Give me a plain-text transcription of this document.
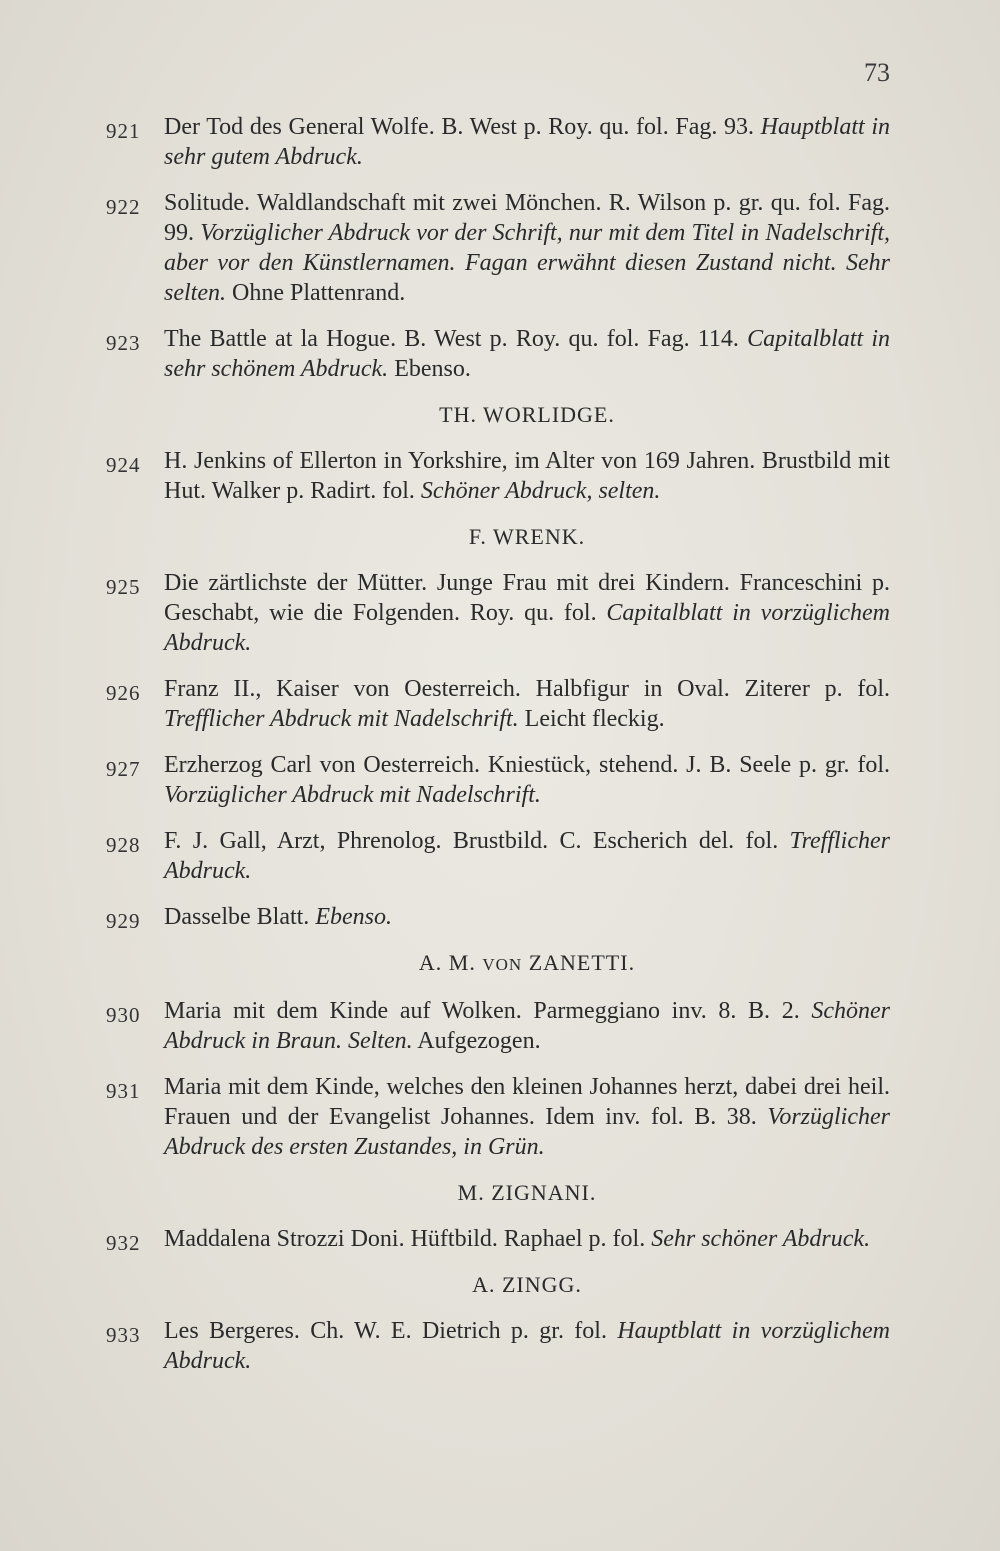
73
921 Der Tod des General Wolfe. B. West p. Roy. qu. fol. Fag. 93. Hauptblatt in sehr gutem Abdruck.
922 Solitude. Waldlandschaft mit zwei Mönchen. R. Wilson p. gr. qu. fol. Fag. 99. Vorzüglicher Abdruck vor der Schrift, nur mit dem Titel in Nadelschrift, aber vor den Künstlernamen. Fagan erwähnt diesen Zustand nicht. Sehr selten. Ohne Plattenrand.
923 The Battle at la Hogue. B. West p. Roy. qu. fol. Fag. 114. Capitalblatt in sehr schönem Abdruck. Ebenso.
TH. WORLIDGE.
924 H. Jenkins of Ellerton in Yorkshire, im Alter von 169 Jahren. Brustbild mit Hut. Walker p. Radirt. fol. Schöner Abdruck, selten.
F. WRENK.
925 Die zärtlichste der Mütter. Junge Frau mit drei Kindern. Franceschini p. Geschabt, wie die Folgenden. Roy. qu. fol. Capitalblatt in vorzüglichem Abdruck.
926 Franz II., Kaiser von Oesterreich. Halbfigur in Oval. Ziterer p. fol. Trefflicher Abdruck mit Nadelschrift. Leicht fleckig.
927 Erzherzog Carl von Oesterreich. Kniestück, stehend. J. B. Seele p. gr. fol. Vorzüglicher Abdruck mit Nadelschrift.
928 F. J. Gall, Arzt, Phrenolog. Brustbild. C. Escherich del. fol. Trefflicher Abdruck.
929 Dasselbe Blatt. Ebenso.
A. M. VON ZANETTI.
930 Maria mit dem Kinde auf Wolken. Parmeggiano inv. 8. B. 2. Schöner Abdruck in Braun. Selten. Aufgezogen.
931 Maria mit dem Kinde, welches den kleinen Johannes herzt, dabei drei heil. Frauen und der Evangelist Johannes. Idem inv. fol. B. 38. Vorzüglicher Abdruck des ersten Zustandes, in Grün.
M. ZIGNANI.
932 Maddalena Strozzi Doni. Hüftbild. Raphael p. fol. Sehr schöner Abdruck.
A. ZINGG.
933 Les Bergeres. Ch. W. E. Dietrich p. gr. fol. Hauptblatt in vorzüglichem Abdruck.
